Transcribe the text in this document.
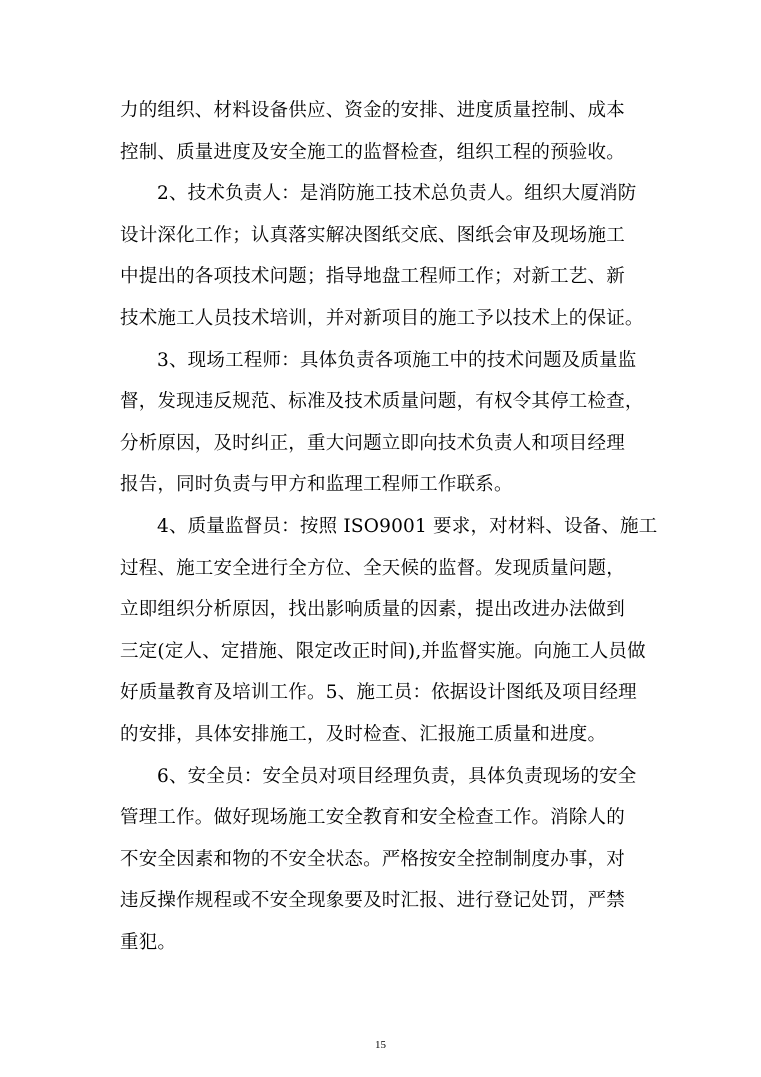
力的组织、材料设备供应、资金的安排、进度质量控制、成本
控制、质量进度及安全施工的监督检查，组织工程的预验收。
2、技术负责人：是消防施工技术总负责人。组织大厦消防
设计深化工作；认真落实解决图纸交底、图纸会审及现场施工
中提出的各项技术问题；指导地盘工程师工作；对新工艺、新
技术施工人员技术培训，并对新项目的施工予以技术上的保证。
3、现场工程师：具体负责各项施工中的技术问题及质量监
督，发现违反规范、标准及技术质量问题，有权令其停工检查，
分析原因，及时纠正，重大问题立即向技术负责人和项目经理
报告，同时负责与甲方和监理工程师工作联系。
4、质量监督员：按照 ISO9001 要求，对材料、设备、施工
过程、施工安全进行全方位、全天候的监督。发现质量问题，
立即组织分析原因，找出影响质量的因素，提出改进办法做到
三定(定人、定措施、限定改正时间),并监督实施。向施工人员做
好质量教育及培训工作。5、施工员：依据设计图纸及项目经理
的安排，具体安排施工，及时检查、汇报施工质量和进度。
6、安全员：安全员对项目经理负责，具体负责现场的安全
管理工作。做好现场施工安全教育和安全检查工作。消除人的
不安全因素和物的不安全状态。严格按安全控制制度办事，对
违反操作规程或不安全现象要及时汇报、进行登记处罚，严禁
重犯。
15
